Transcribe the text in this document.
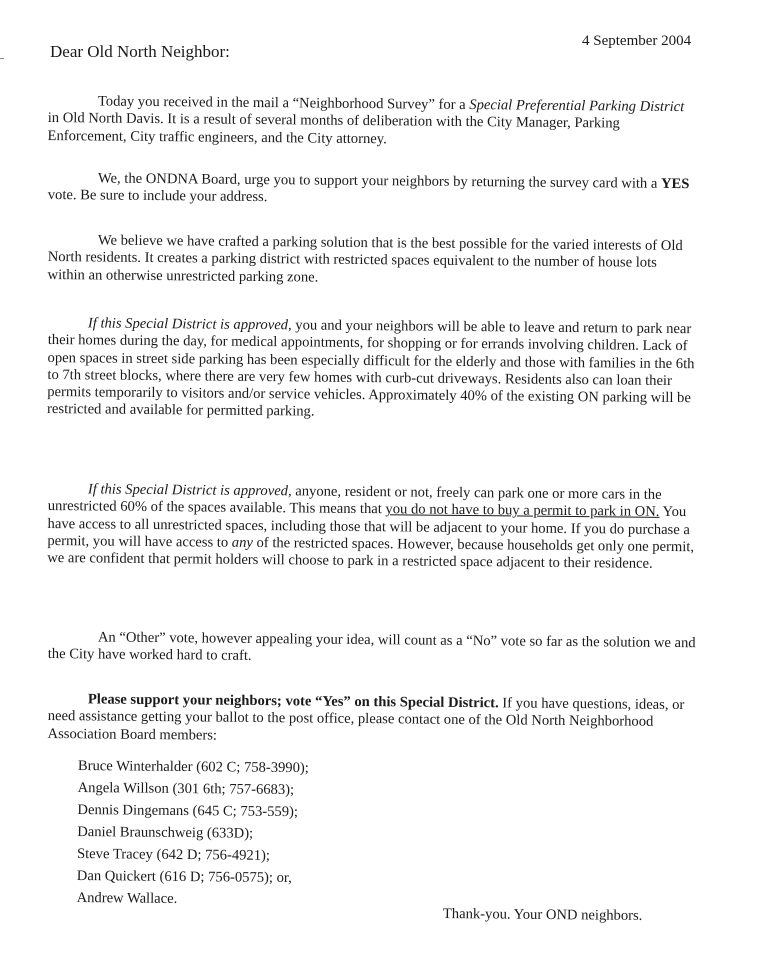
4 September 2004
Dear Old North Neighbor:

Today you received in the mail a “Neighborhood Survey” for a Special Preferential Parking District in Old North Davis. It is a result of several months of deliberation with the City Manager, Parking Enforcement, City traffic engineers, and the City attorney.

We, the ONDNA Board, urge you to support your neighbors by returning the survey card with a YES vote. Be sure to include your address.

We believe we have crafted a parking solution that is the best possible for the varied interests of Old North residents. It creates a parking district with restricted spaces equivalent to the number of house lots within an otherwise unrestricted parking zone.

If this Special District is approved, you and your neighbors will be able to leave and return to park near their homes during the day, for medical appointments, for shopping or for errands involving children. Lack of open spaces in street side parking has been especially difficult for the elderly and those with families in the 6th to 7th street blocks, where there are very few homes with curb-cut driveways. Residents also can loan their permits temporarily to visitors and/or service vehicles. Approximately 40% of the existing ON parking will be restricted and available for permitted parking.

If this Special District is approved, anyone, resident or not, freely can park one or more cars in the unrestricted 60% of the spaces available. This means that you do not have to buy a permit to park in ON. You have access to all unrestricted spaces, including those that will be adjacent to your home. If you do purchase a permit, you will have access to any of the restricted spaces. However, because households get only one permit, we are confident that permit holders will choose to park in a restricted space adjacent to their residence.

An “Other” vote, however appealing your idea, will count as a “No” vote so far as the solution we and the City have worked hard to craft.

Please support your neighbors; vote “Yes” on this Special District. If you have questions, ideas, or need assistance getting your ballot to the post office, please contact one of the Old North Neighborhood Association Board members:

Bruce Winterhalder (602 C; 758-3990);
Angela Willson (301 6th; 757-6683);
Dennis Dingemans (645 C; 753-559);
Daniel Braunschweig (633D);
Steve Tracey (642 D; 756-4921);
Dan Quickert (616 D; 756-0575); or,
Andrew Wallace.
Thank-you. Your OND neighbors.
